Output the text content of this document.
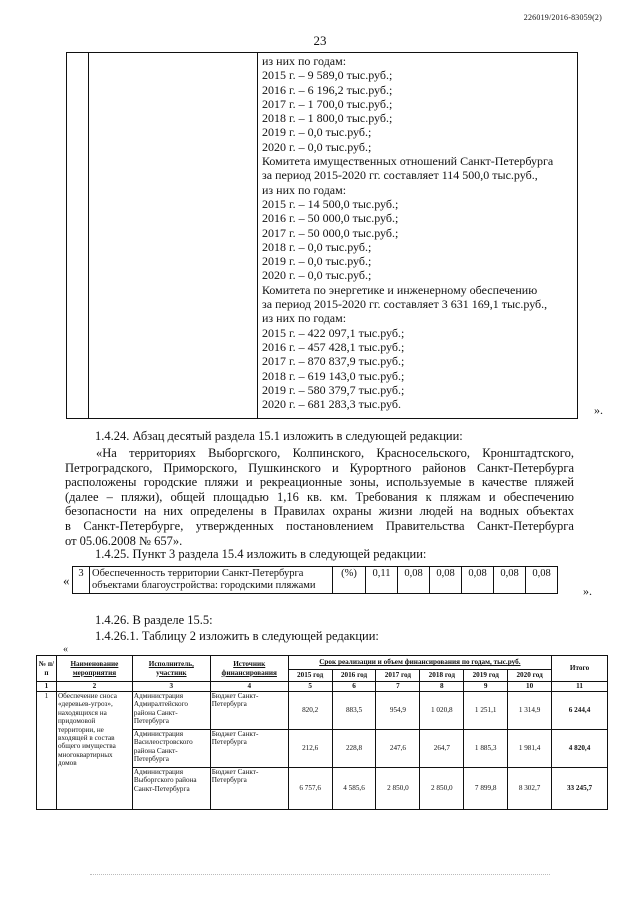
226019/2016-83059(2)
23

из них по годам:
2015 г. – 9 589,0 тыс.руб.;
2016 г. – 6 196,2 тыс.руб.;
2017 г. – 1 700,0 тыс.руб.;
2018 г. – 1 800,0 тыс.руб.;
2019 г. – 0,0 тыс.руб.;
2020 г. – 0,0 тыс.руб.;
Комитета имущественных отношений Санкт-Петербурга
за период 2015-2020 гг. составляет 114 500,0 тыс.руб.,
из них по годам:
2015 г. – 14 500,0 тыс.руб.;
2016 г. – 50 000,0 тыс.руб.;
2017 г. – 50 000,0 тыс.руб.;
2018 г. – 0,0 тыс.руб.;
2019 г. – 0,0 тыс.руб.;
2020 г. – 0,0 тыс.руб.;
Комитета по энергетике и инженерному обеспечению
за период 2015-2020 гг. составляет 3 631 169,1 тыс.руб.,
из них по годам:
2015 г. – 422 097,1 тыс.руб.;
2016 г. – 457 428,1 тыс.руб.;
2017 г. – 870 837,9 тыс.руб.;
2018 г. – 619 143,0 тыс.руб.;
2019 г. – 580 379,7 тыс.руб.;
2020 г. – 681 283,3 тыс.руб.	».
1.4.24. Абзац десятый раздела 15.1 изложить в следующей редакции:
«На территориях Выборгского, Колпинского, Красносельского, Кронштадтского,
Петроградского, Приморского, Пушкинского и Курортного районов Санкт-Петербурга
расположены городские пляжи и рекреационные зоны, используемые в качестве пляжей
(далее – пляжи), общей площадью 1,16 кв. км. Требования к пляжам и обеспечению
безопасности на них определены в Правилах охраны жизни людей на водных объектах
в Санкт-Петербурге, утвержденных постановлением Правительства Санкт-Петербурга
от 05.06.2008 № 657».
1.4.25. Пункт 3 раздела 15.4 изложить в следующей редакции:
« 3	Обеспеченность территории Санкт-Петербурга
объектами благоустройства: городскими пляжами
	(%)	0,11	0,08	0,08	0,08	0,08	0,08
».
1.4.26. В разделе 15.5:
1.4.26.1. Таблицу 2 изложить в следующей редакции:
«
№ п/п	Наименование мероприятия	Исполнитель, участник	Источник финансирования	Срок реализации и объем финансирования по годам, тыс.руб.						Итого
				2015 год	2016 год	2017 год	2018 год	2019 год	2020 год	
1	2	3	4	5	6	7	8	9	10	11
1	Обеспечение сноса «деревьев-угроз», находящихся на придомовой территории, не входящей в состав общего имущества многоквартирных домов	Администрация Адмиралтейского района Санкт-Петербурга	Бюджет Санкт-Петербурга	820,2	883,5	954,9	1 020,8	1 251,1	1 314,9	6 244,4
		Администрация Василеостровского района Санкт-Петербурга	Бюджет Санкт-Петербурга	212,6	228,8	247,6	264,7	1 885,3	1 981,4	4 820,4
		Администрация Выборгского района Санкт-Петербурга	Бюджет Санкт-Петербурга	6 757,6	4 585,6	2 850,0	2 850,0	7 899,8	8 302,7	33 245,7
